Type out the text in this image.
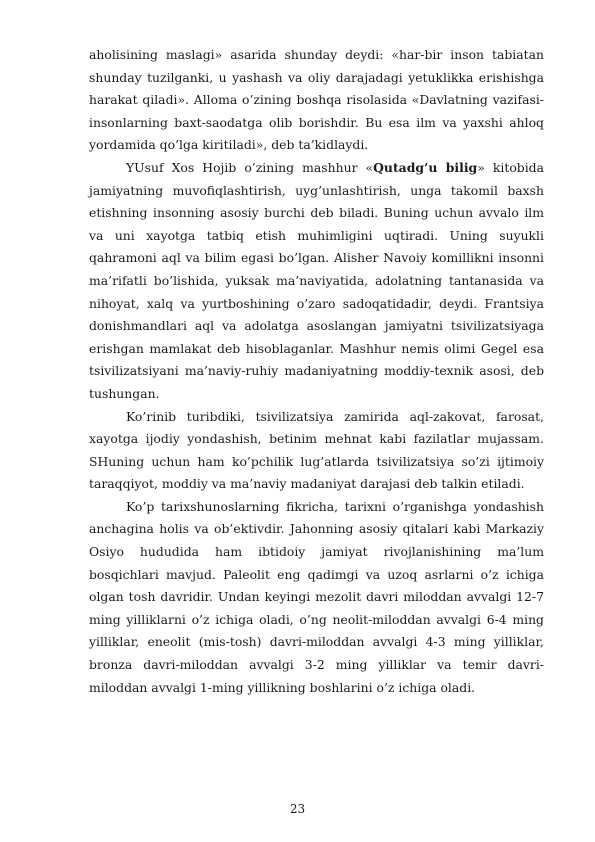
aholisining maslagi» asarida shunday deydi: «har-bir inson tabiatan shunday tuzilganki, u yashash va oliy darajadagi yetuklikka erishishga harakat qiladi». Alloma o’zining boshqa risolasida «Davlatning vazifasi-insonlarning baxt-saodatga olib borishdir. Bu esa ilm va yaxshi ahloq yordamida qo’lga kiritiladi», deb ta’kidlaydi.

YUsuf Xos Hojib o’zining mashhur «Qutadg’u bilig» kitobida jamiyatning muvofiqlashtirish, uyg’unlashtirish, unga takomil baxsh etishning insonning asosiy burchi deb biladi. Buning uchun avvalo ilm va uni xayotga tatbiq etish muhimligini uqtiradi. Uning suyukli qahramoni aql va bilim egasi bo’lgan. Alisher Navoiy komillikni insonni ma’rifatli bo’lishida, yuksak ma’naviyatida, adolatning tantanasida va nihoyat, xalq va yurtboshining o’zaro sadoqatidadir, deydi. Frantsiya donishmandlari aql va adolatga asoslangan jamiyatni tsivilizatsiyaga erishgan mamlakat deb hisoblaganlar. Mashhur nemis olimi Gegel esa tsivilizatsiyani ma’naviy-ruhiy madaniyatning moddiy-texnik asosi, deb tushungan.

Ko’rinib turibdiki, tsivilizatsiya zamirida aql-zakovat, farosat, xayotga ijodiy yondashish, betinim mehnat kabi fazilatlar mujassam. SHuning uchun ham ko’pchilik lug’atlarda tsivilizatsiya so’zi ijtimoiy taraqqiyot, moddiy va ma’naviy madaniyat darajasi deb talkin etiladi.

Ko’p tarixshunoslarning fikricha, tarixni o’rganishga yondashish anchagina holis va ob’ektivdir. Jahonning asosiy qitalari kabi Markaziy Osiyo hududida ham ibtidoiy jamiyat rivojlanishining ma’lum bosqichlari mavjud. Paleolit eng qadimgi va uzoq asrlarni o’z ichiga olgan tosh davridir. Undan keyingi mezolit davri miloddan avvalgi 12-7 ming yilliklarni o’z ichiga oladi, o’ng neolit-miloddan avvalgi 6-4 ming yilliklar, eneolit (mis-tosh) davri-miloddan avvalgi 4-3 ming yilliklar, bronza davri-miloddan avvalgi 3-2 ming yilliklar va temir davri-miloddan avvalgi 1-ming yillikning boshlarini o’z ichiga oladi.

23
